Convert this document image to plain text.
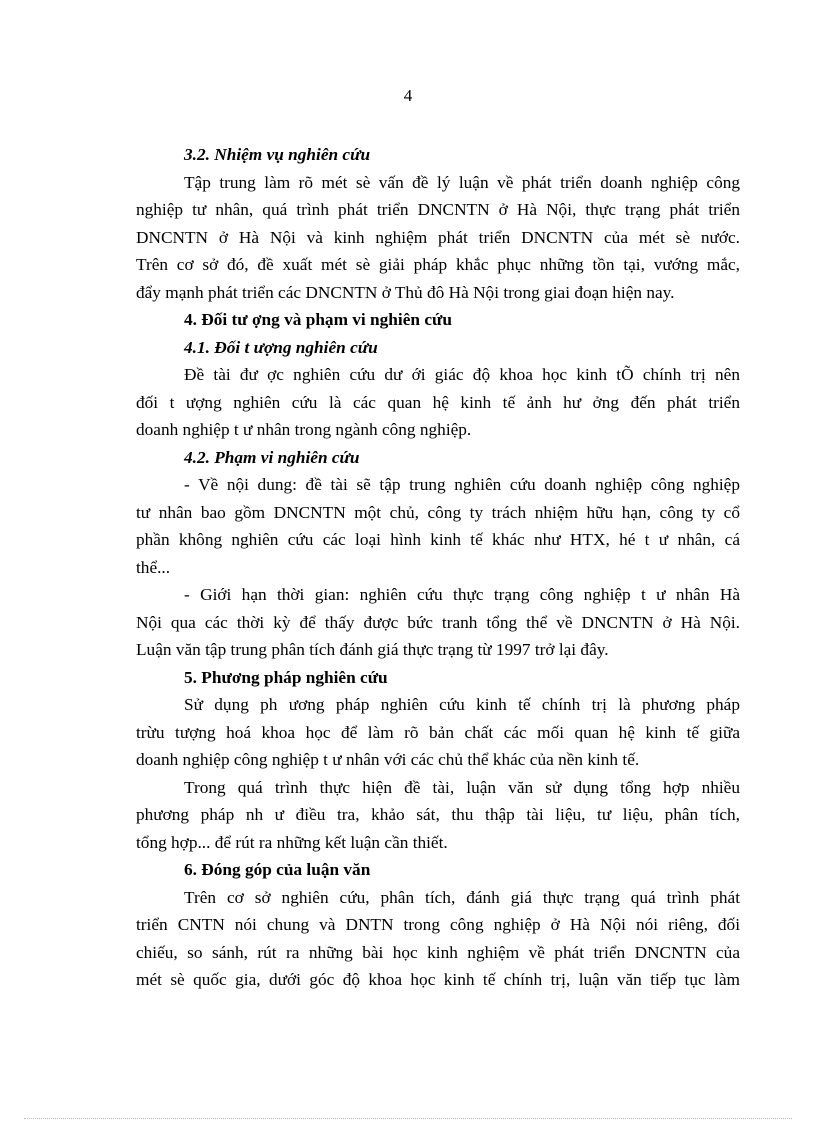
4
3.2. Nhiệm vụ nghiên cứu
Tập trung làm rõ mét sè vấn đề lý luận về phát triển doanh nghiệp công
nghiệp tư nhân, quá trình phát triển DNCNTN ở Hà Nội, thực trạng phát triển
DNCNTN ở Hà Nội và kinh nghiệm phát triển DNCNTN của mét sè nước.
Trên cơ sở đó, đề xuất mét sè giải pháp khắc phục những tồn tại, vướng mắc,
đẩy mạnh phát triển các DNCNTN ở Thủ đô Hà Nội trong giai đoạn hiện nay.
4. Đối tư ợng và phạm vi nghiên cứu
4.1. Đối t ượng nghiên cứu
Đề tài đư ợc nghiên cứu dư ới giác độ khoa học kinh tÕ chính trị nên
đối t ượng nghiên cứu là các quan hệ kinh tế ảnh hư ởng đến phát triển
doanh nghiệp t ư nhân trong ngành công nghiệp.
4.2. Phạm vi nghiên cứu
- Về nội dung: đề tài sẽ tập trung nghiên cứu doanh nghiệp công nghiệp
tư nhân bao gồm DNCNTN một chủ, công ty trách nhiệm hữu hạn, công ty cổ
phần không nghiên cứu các loại hình kinh tế khác như HTX, hé t ư nhân, cá
thể...
- Giới hạn thời gian: nghiên cứu thực trạng công nghiệp t ư nhân Hà
Nội qua các thời kỳ để thấy được bức tranh tổng thể về DNCNTN ở Hà Nội.
Luận văn tập trung phân tích đánh giá thực trạng từ 1997 trở lại đây.
5. Phương pháp nghiên cứu
Sử dụng ph ương pháp nghiên cứu kinh tế chính trị là phương pháp
trừu tượng hoá khoa học để làm rõ bản chất các mối quan hệ kinh tế giữa
doanh nghiệp công nghiệp t ư nhân với các chủ thể khác của nền kinh tế.
Trong quá trình thực hiện đề tài, luận văn sử dụng tổng hợp nhiều
phương pháp nh ư điều tra, khảo sát, thu thập tài liệu, tư liệu, phân tích,
tổng hợp... để rút ra những kết luận cần thiết.
6. Đóng góp của luận văn
Trên cơ sở nghiên cứu, phân tích, đánh giá thực trạng quá trình phát
triển CNTN nói chung và DNTN trong công nghiệp ở Hà Nội nói riêng, đối
chiếu, so sánh, rút ra những bài học kinh nghiệm về phát triển DNCNTN của
mét sè quốc gia, dưới góc độ khoa học kinh tế chính trị, luận văn tiếp tục làm
